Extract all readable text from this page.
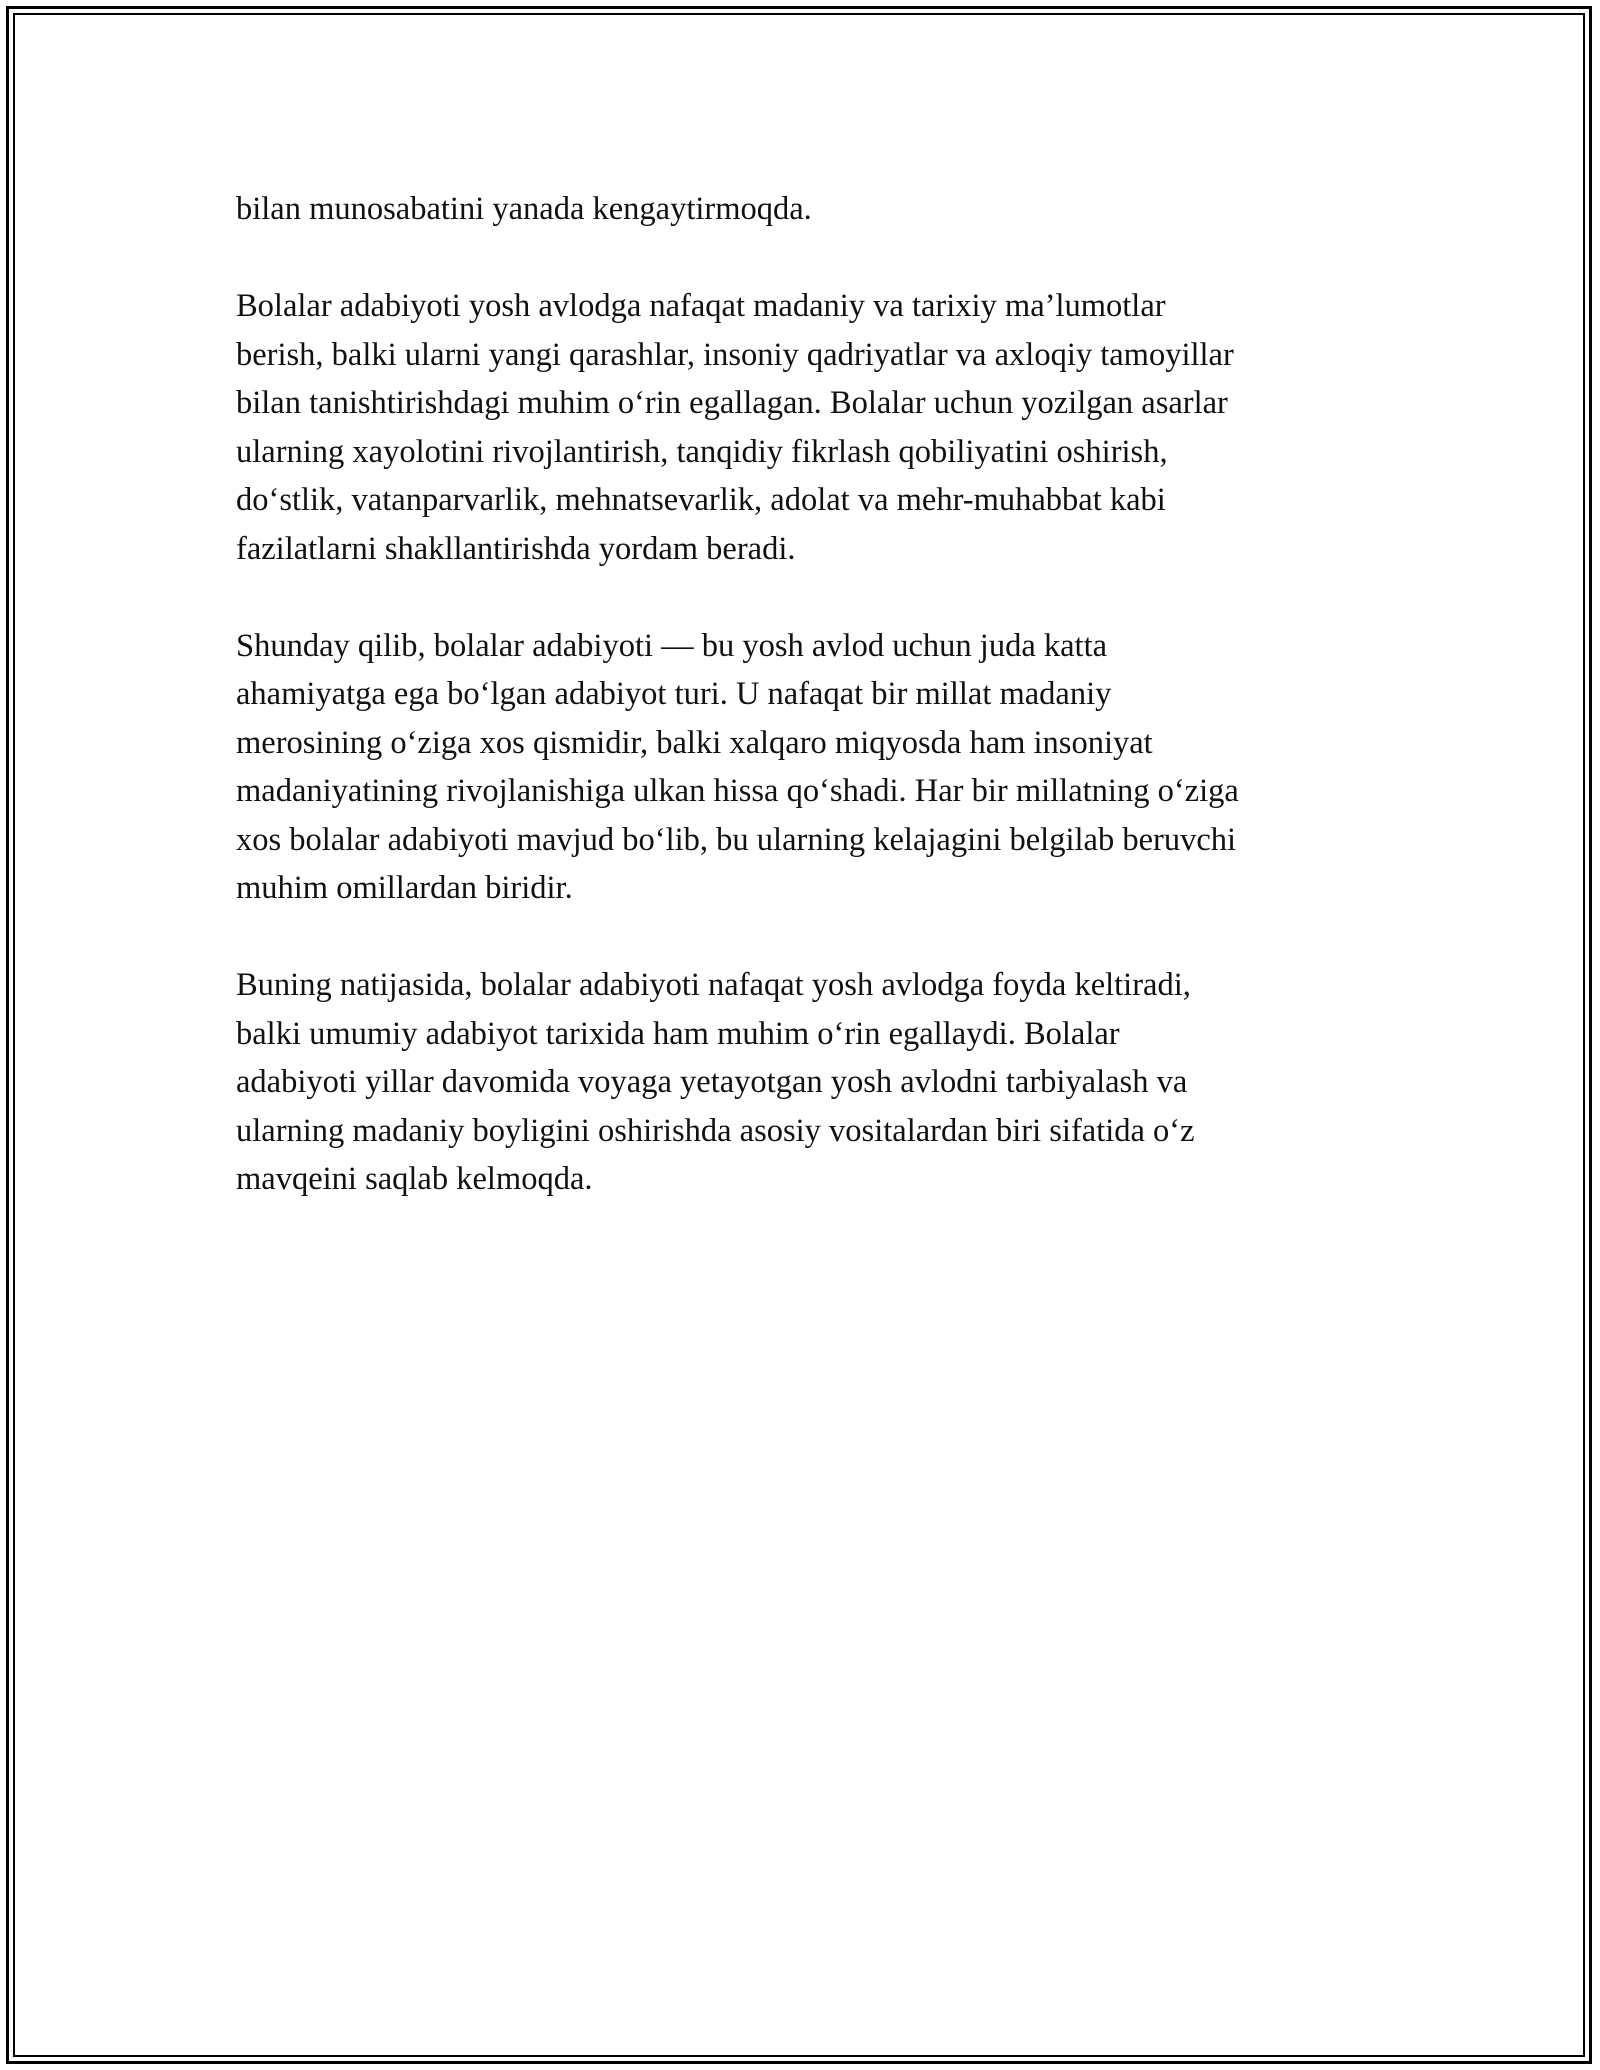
bilan munosabatini yanada kengaytirmoqda.

Bolalar adabiyoti yosh avlodga nafaqat madaniy va tarixiy ma’lumotlar
berish, balki ularni yangi qarashlar, insoniy qadriyatlar va axloqiy tamoyillar
bilan tanishtirishdagi muhim o‘rin egallagan. Bolalar uchun yozilgan asarlar
ularning xayolotini rivojlantirish, tanqidiy fikrlash qobiliyatini oshirish,
do‘stlik, vatanparvarlik, mehnatsevarlik, adolat va mehr-muhabbat kabi
fazilatlarni shakllantirishda yordam beradi.

Shunday qilib, bolalar adabiyoti — bu yosh avlod uchun juda katta
ahamiyatga ega bo‘lgan adabiyot turi. U nafaqat bir millat madaniy
merosining o‘ziga xos qismidir, balki xalqaro miqyosda ham insoniyat
madaniyatining rivojlanishiga ulkan hissa qo‘shadi. Har bir millatning o‘ziga
xos bolalar adabiyoti mavjud bo‘lib, bu ularning kelajagini belgilab beruvchi
muhim omillardan biridir.

Buning natijasida, bolalar adabiyoti nafaqat yosh avlodga foyda keltiradi,
balki umumiy adabiyot tarixida ham muhim o‘rin egallaydi. Bolalar
adabiyoti yillar davomida voyaga yetayotgan yosh avlodni tarbiyalash va
ularning madaniy boyligini oshirishda asosiy vositalardan biri sifatida o‘z
mavqeini saqlab kelmoqda.
